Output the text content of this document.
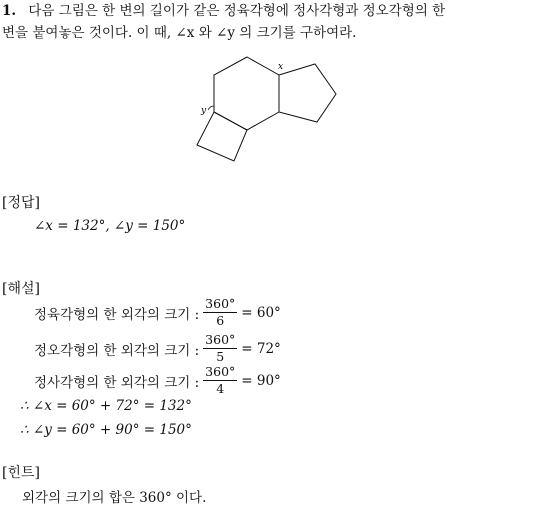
1. 다음 그림은 한 변의 길이가 같은 정육각형에 정사각형과 정오각형의 한
변을 붙여놓은 것이다. 이 때, ∠x 와 ∠y 의 크기를 구하여라.
x
y
[정답]
∠x = 132°, ∠y = 150°
[해설]
정육각형의 한 외각의 크기 : $\frac{360^\circ}{6} = 60^\circ$
정오각형의 한 외각의 크기 : $\frac{360^\circ}{5} = 72^\circ$
정사각형의 한 외각의 크기 : $\frac{360^\circ}{4} = 90^\circ$
∴ ∠x = 60° + 72° = 132°
∴ ∠y = 60° + 90° = 150°
[힌트]
외각의 크기의 합은 360° 이다.
